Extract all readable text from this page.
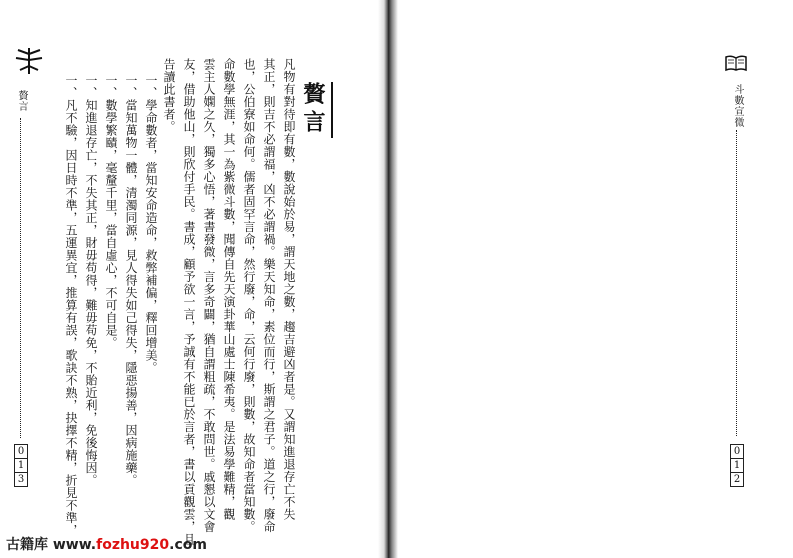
贅言
0
1
3
一、學命數者，當知安命造命，救弊補偏，釋回增美。
一、當知萬物一體，清濁同源，見人得失如己得失，隱惡揚善，因病施藥。
一、數學繁賾，毫釐千里，當自虛心，不可自是。
一、知進退存亡，不失其正，財毋苟得，難毋苟免，不貽近利，免後悔因。
一、凡不驗，因日時不準，五運異宜，推算有誤，歌訣不熟，抉擇不精，折見不準，
古籍库 www.fozhu920.com
贅言
凡物有對待即有數，數說始於易，謂天地之數，趨吉避凶者是。又謂知進退存亡不失
其正，則吉不必謂福，凶不必謂禍。樂天知命，素位而行，斯謂之君子。道之行，廢命
也，公伯寮如命何。儒者固罕言命，然行廢，命，云何行廢，則數，故知命者當知數。
命數學無涯，其一為紫微斗數，聞傳自先天演卦華山處士陳希夷。是法易學難精，觀
雲主人嫻之久，獨多心悟，著書發微，言多奇闢，猶自謂粗疏，不敢問世。戚懇以文會
友，借助他山，則欣付手民。書成，顧予欲一言，予誠有不能已於言者，書以貢觀雲，且
告讀此書者。	斗數宣微
0
1
2
